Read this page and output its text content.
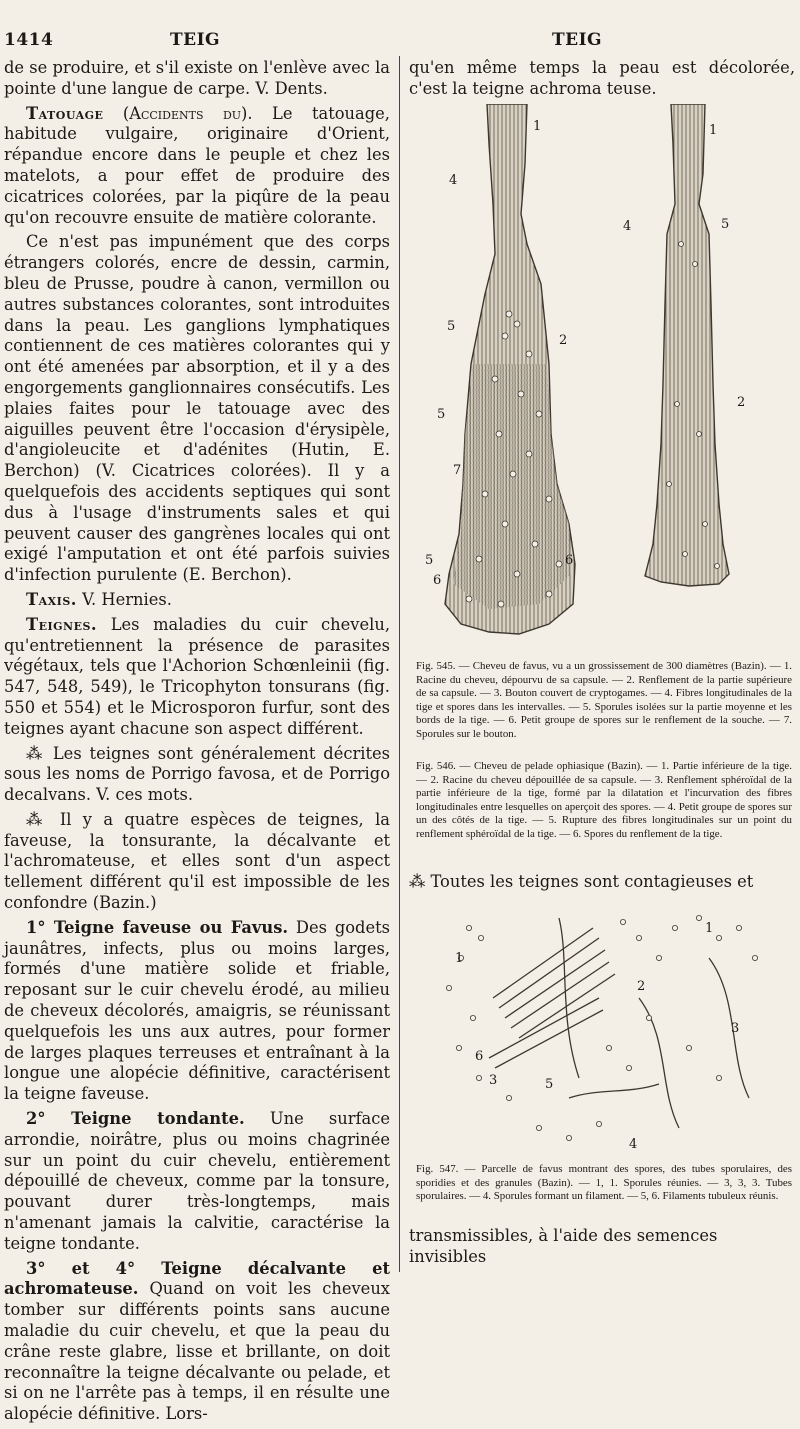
1414	TEIG	TEIG

de se produire, et s'il existe on l'enlève avec la pointe d'une langue de carpe. V. Dents.

Tatouage (Accidents du). Le tatouage, habitude vulgaire, originaire d'Orient, répandue encore dans le peuple et chez les matelots, a pour effet de produire des cicatrices colorées, par la piqûre de la peau qu'on recouvre ensuite de matière colorante.

Ce n'est pas impunément que des corps étrangers colorés, encre de dessin, carmin, bleu de Prusse, poudre à canon, vermillon ou autres substances colorantes, sont introduites dans la peau. Les ganglions lymphatiques contiennent de ces matières colorantes qui y ont été amenées par absorption, et il y a des engorgements ganglionnaires consécutifs. Les plaies faites pour le tatouage avec des aiguilles peuvent être l'occasion d'érysipèle, d'angioleucite et d'adénites (Hutin, E. Berchon) (V. Cicatrices colorées). Il y a quelquefois des accidents septiques qui sont dus à l'usage d'instruments sales et qui peuvent causer des gangrènes locales qui ont exigé l'amputation et ont été parfois suivies d'infection purulente (E. Berchon).

Taxis. V. Hernies.

Teignes. Les maladies du cuir chevelu, qu'entretiennent la présence de parasites végétaux, tels que l'Achorion Schœnleinii (fig. 547, 548, 549), le Tricophyton tonsurans (fig. 550 et 554) et le Microsporon furfur, sont des teignes ayant chacune son aspect différent.

⁂ Les teignes sont généralement décrites sous les noms de Porrigo favosa, et de Porrigo decalvans. V. ces mots.

⁂ Il y a quatre espèces de teignes, la faveuse, la tonsurante, la décalvante et l'achromateuse, et elles sont d'un aspect tellement différent qu'il est impossible de les confondre (Bazin.)

1° Teigne faveuse ou Favus. Des godets jaunâtres, infects, plus ou moins larges, formés d'une matière solide et friable, reposant sur le cuir chevelu érodé, au milieu de cheveux décolorés, amaigris, se réunissant quelquefois les uns aux autres, pour former de larges plaques terreuses et entraînant à la longue une alopécie définitive, caractérisent la teigne faveuse.

2° Teigne tondante. Une surface arrondie, noirâtre, plus ou moins chagrinée sur un point du cuir chevelu, entièrement dépouillé de cheveux, comme par la tonsure, pouvant durer très-longtemps, mais n'amenant jamais la calvitie, caractérise la teigne tondante.

3° et 4° Teigne décalvante et achromateuse. Quand on voit les cheveux tomber sur différents points sans aucune maladie du cuir chevelu, et que la peau du crâne reste glabre, lisse et brillante, on doit reconnaître la teigne décalvante ou pelade, et si on ne l'arrête pas à temps, il en résulte une alopécie définitive. Lors-

qu'en même temps la peau est décolorée, c'est la teigne achroma teuse.
1
4
5
2
5
7
5	6
6
1
4	5
2
Fig. 545. — Cheveu de favus, vu a un grossissement de 300 diamètres (Bazin). — 1. Racine du cheveu, dépourvu de sa capsule. — 2. Renflement de la partie supérieure de sa capsule. — 3. Bouton couvert de cryptogames. — 4. Fibres longitudinales de la tige et spores dans les intervalles. — 5. Sporules isolées sur la partie moyenne et les bords de la tige. — 6. Petit groupe de spores sur le renflement de la souche. — 7. Sporules sur le bouton.
Fig. 546. — Cheveu de pelade ophiasique (Bazin). — 1. Partie inférieure de la tige. — 2. Racine du cheveu dépouillée de sa capsule. — 3. Renflement sphéroïdal de la partie inférieure de la tige, formé par la dilatation et l'incurvation des fibres longitudinales entre lesquelles on aperçoit des spores. — 4. Petit groupe de spores sur un des côtés de la tige. — 5. Rupture des fibres longitudinales sur un point du renflement sphéroïdal de la tige. — 6. Spores du renflement de la tige.
⁂ Toutes les teignes sont contagieuses et
1
1
2
6
3
3
5
4
Fig. 547. — Parcelle de favus montrant des spores, des tubes sporulaires, des sporidies et des granules (Bazin). — 1, 1. Sporules réunies. — 3, 3, 3. Tubes sporulaires. — 4. Sporules formant un filament. — 5, 6. Filaments tubuleux réunis.
transmissibles, à l'aide des semences invisibles
